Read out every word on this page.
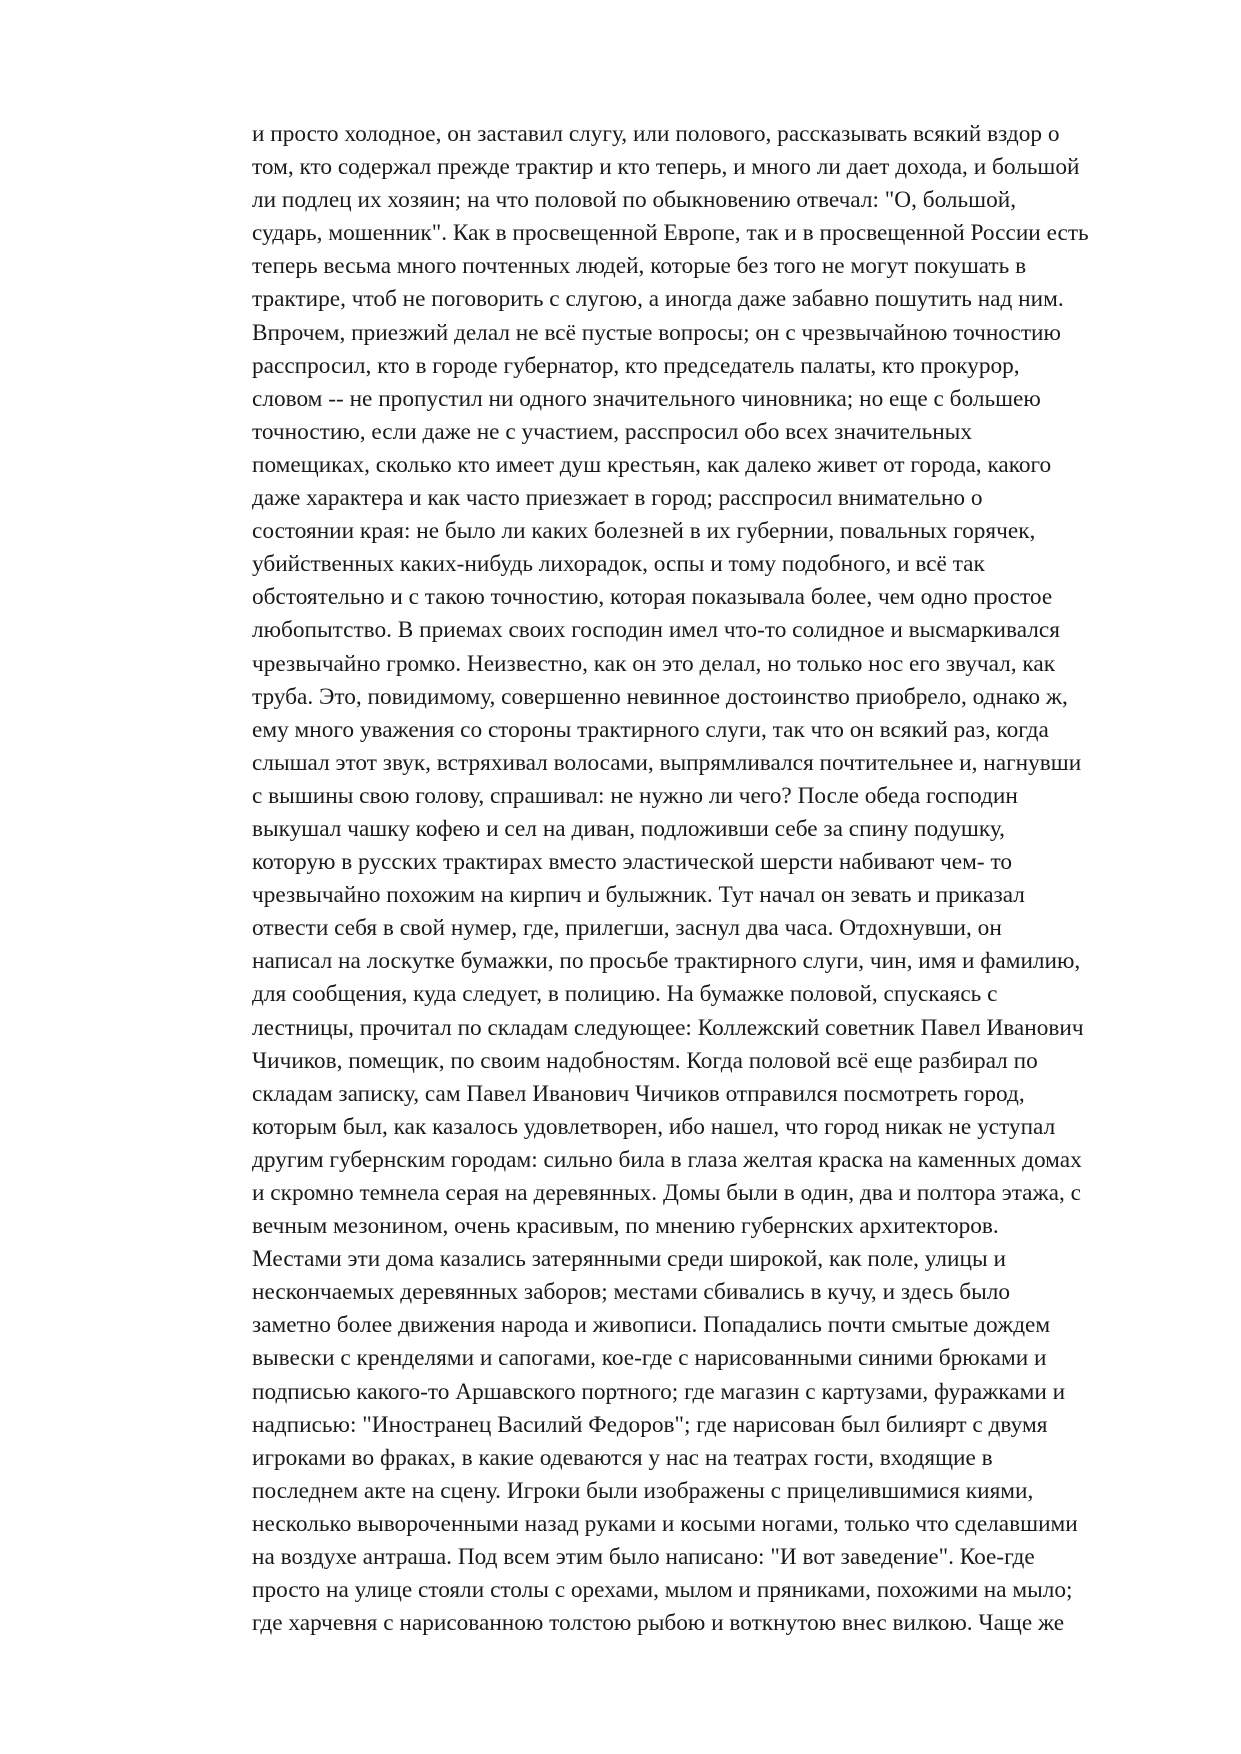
и просто холодное, он заставил слугу, или полового, рассказывать всякий вздор о
том, кто содержал прежде трактир и кто теперь, и много ли дает дохода, и большой
ли подлец их хозяин; на что половой по обыкновению отвечал: "О, большой,
сударь, мошенник". Как в просвещенной Европе, так и в просвещенной России есть
теперь весьма много почтенных людей, которые без того не могут покушать в
трактире, чтоб не поговорить с слугою, а иногда даже забавно пошутить над ним.
Впрочем, приезжий делал не всё пустые вопросы; он с чрезвычайною точностию
расспросил, кто в городе губернатор, кто председатель палаты, кто прокурор,
словом -- не пропустил ни одного значительного чиновника; но еще с большею
точностию, если даже не с участием, расспросил обо всех значительных
помещиках, сколько кто имеет душ крестьян, как далеко живет от города, какого
даже характера и как часто приезжает в город; расспросил внимательно о
состоянии края: не было ли каких болезней в их губернии, повальных горячек,
убийственных каких-нибудь лихорадок, оспы и тому подобного, и всё так
обстоятельно и с такою точностию, которая показывала более, чем одно простое
любопытство. В приемах своих господин имел что-то солидное и высмаркивался
чрезвычайно громко. Неизвестно, как он это делал, но только нос его звучал, как
труба. Это, повидимому, совершенно невинное достоинство приобрело, однако ж,
ему много уважения со стороны трактирного слуги, так что он всякий раз, когда
слышал этот звук, встряхивал волосами, выпрямливался почтительнее и, нагнувши
с вышины свою голову, спрашивал: не нужно ли чего? После обеда господин
выкушал чашку кофею и сел на диван, подложивши себе за спину подушку,
которую в русских трактирах вместо эластической шерсти набивают чем- то
чрезвычайно похожим на кирпич и булыжник. Тут начал он зевать и приказал
отвести себя в свой нумер, где, прилегши, заснул два часа. Отдохнувши, он
написал на лоскутке бумажки, по просьбе трактирного слуги, чин, имя и фамилию,
для сообщения, куда следует, в полицию. На бумажке половой, спускаясь с
лестницы, прочитал по складам следующее: Коллежский советник Павел Иванович
Чичиков, помещик, по своим надобностям. Когда половой всё еще разбирал по
складам записку, сам Павел Иванович Чичиков отправился посмотреть город,
которым был, как казалось удовлетворен, ибо нашел, что город никак не уступал
другим губернским городам: сильно била в глаза желтая краска на каменных домах
и скромно темнела серая на деревянных. Домы были в один, два и полтора этажа, с
вечным мезонином, очень красивым, по мнению губернских архитекторов.
Местами эти дома казались затерянными среди широкой, как поле, улицы и
нескончаемых деревянных заборов; местами сбивались в кучу, и здесь было
заметно более движения народа и живописи. Попадались почти смытые дождем
вывески с кренделями и сапогами, кое-где с нарисованными синими брюками и
подписью какого-то Аршавского портного; где магазин с картузами, фуражками и
надписью: "Иностранец Василий Федоров"; где нарисован был билиярт с двумя
игроками во фраках, в какие одеваются у нас на театрах гости, входящие в
последнем акте на сцену. Игроки были изображены с прицелившимися киями,
несколько вывороченными назад руками и косыми ногами, только что сделавшими
на воздухе антраша. Под всем этим было написано: "И вот заведение". Кое-где
просто на улице стояли столы с орехами, мылом и пряниками, похожими на мыло;
где харчевня с нарисованною толстою рыбою и воткнутою внес вилкою. Чаще же
